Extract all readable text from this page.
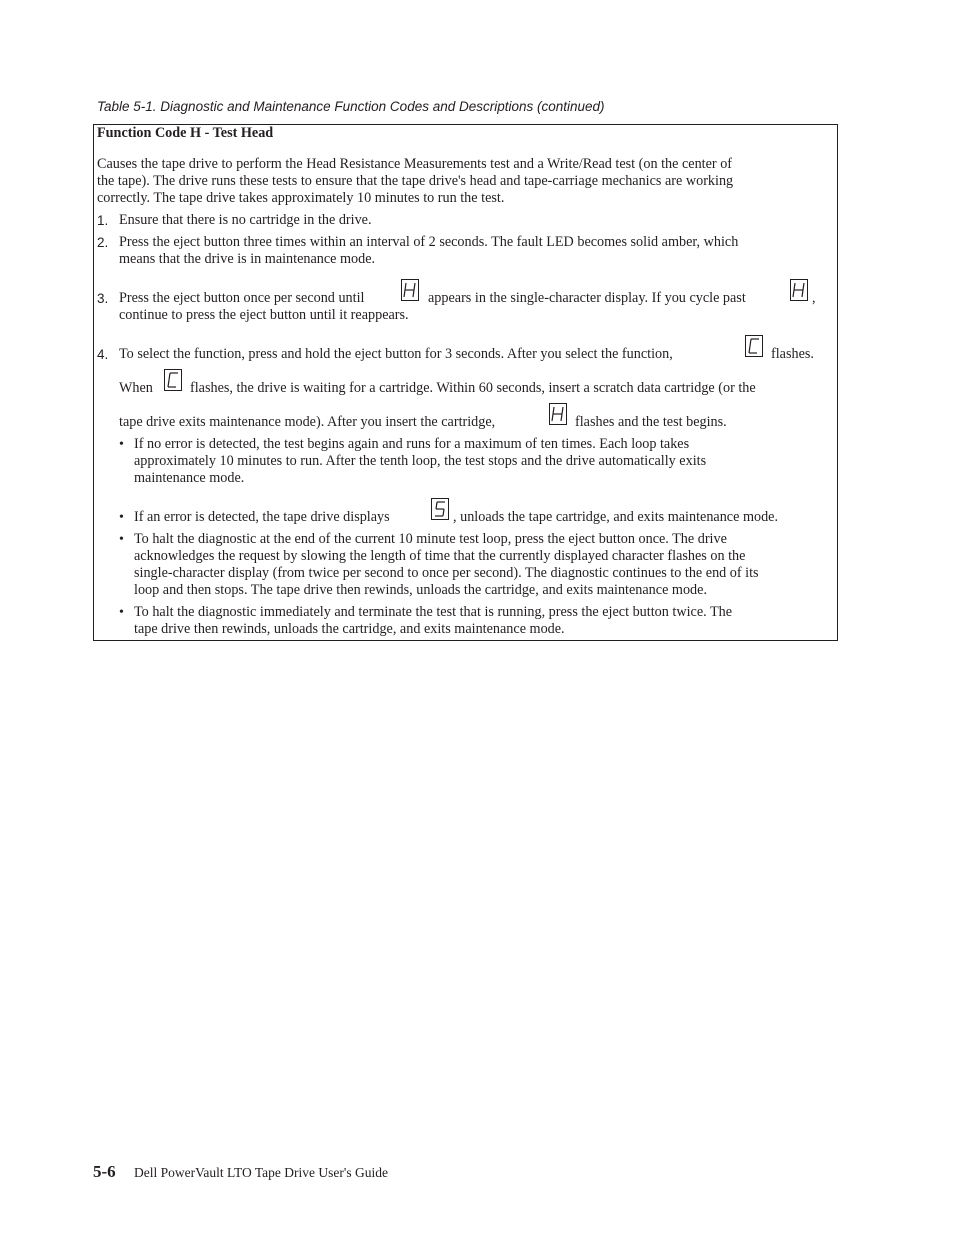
Table 5-1. Diagnostic and Maintenance Function Codes and Descriptions (continued)
Function Code H - Test Head
Causes the tape drive to perform the Head Resistance Measurements test and a Write/Read test (on the center of
the tape). The drive runs these tests to ensure that the tape drive's head and tape-carriage mechanics are working
correctly. The tape drive takes approximately 10 minutes to run the test.
1. Ensure that there is no cartridge in the drive.
2. Press the eject button three times within an interval of 2 seconds. The fault LED becomes solid amber, which
means that the drive is in maintenance mode.
3. Press the eject button once per second until	appears in the single-character display. If you cycle past	,
continue to press the eject button until it reappears.
4. To select the function, press and hold the eject button for 3 seconds. After you select the function,	flashes.
When	flashes, the drive is waiting for a cartridge. Within 60 seconds, insert a scratch data cartridge (or the
tape drive exits maintenance mode). After you insert the cartridge,	flashes and the test begins.
• If no error is detected, the test begins again and runs for a maximum of ten times. Each loop takes
approximately 10 minutes to run. After the tenth loop, the test stops and the drive automatically exits
maintenance mode.
• If an error is detected, the tape drive displays	, unloads the tape cartridge, and exits maintenance mode.
• To halt the diagnostic at the end of the current 10 minute test loop, press the eject button once. The drive
acknowledges the request by slowing the length of time that the currently displayed character flashes on the
single-character display (from twice per second to once per second). The diagnostic continues to the end of its
loop and then stops. The tape drive then rewinds, unloads the cartridge, and exits maintenance mode.
• To halt the diagnostic immediately and terminate the test that is running, press the eject button twice. The
tape drive then rewinds, unloads the cartridge, and exits maintenance mode.
5-6 Dell PowerVault LTO Tape Drive User's Guide
